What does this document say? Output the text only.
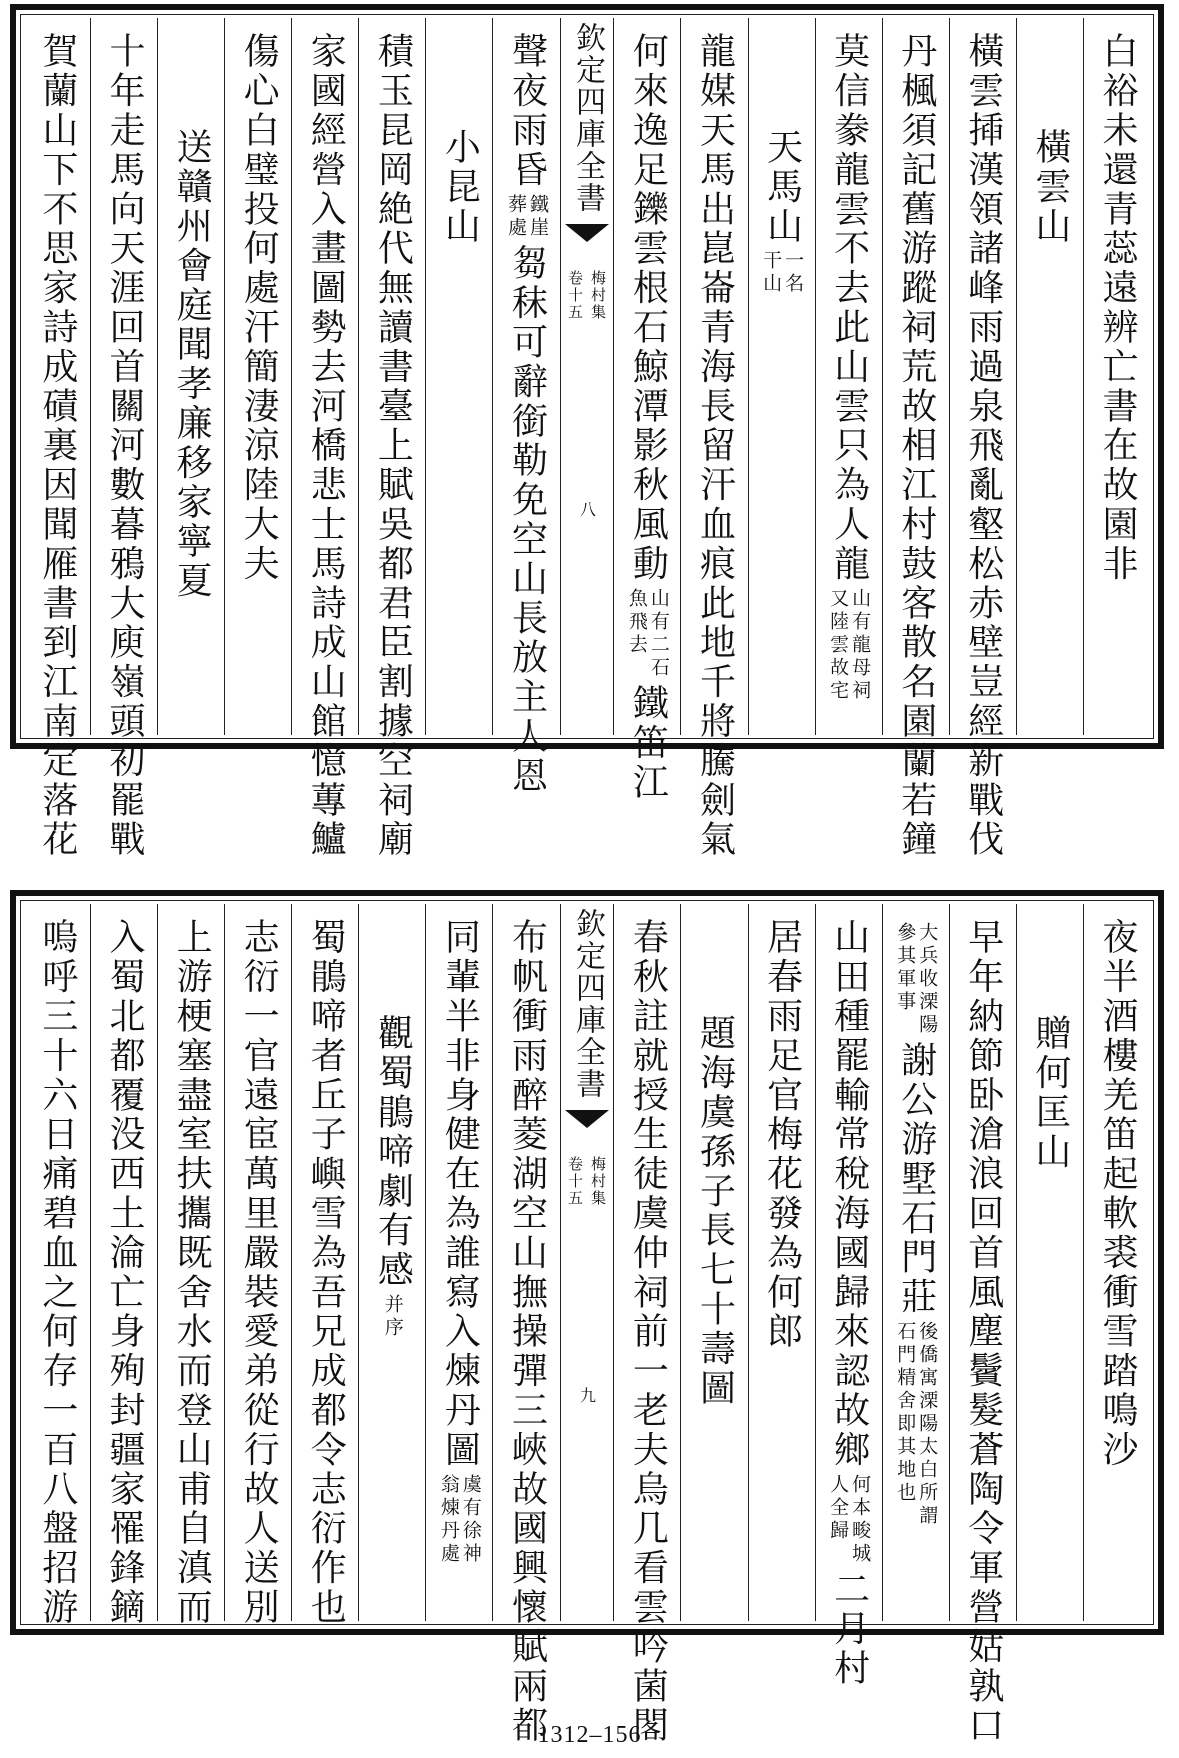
白裕未還青蕊遠辨亡書在故園非
橫雲山
橫雲揷漢領諸峰雨過泉飛亂壑松赤壁豈經新戰伐
丹楓須記舊游蹤祠荒故相江村鼓客散名園蘭若鐘
莫信豢龍雲不去此山雲只為人龍
山有龍母祠
又陸雲故宅
天馬山
一名
干山
龍媒天馬出崑崙青海長留汗血痕此地千將騰劍氣
何來逸足鑠雲根石鯨潭影秋風動
山有二石
魚飛去
鐵笛江
欽定四庫全書
梅村集
卷十五
八
聲夜雨昏
鐵崖
葬處
芻秣可辭銜勒免空山長放主人恩
小昆山
積玉昆岡絶代無讀書臺上賦吳都君臣割據空祠廟
家國經營入畫圖勢去河橋悲士馬詩成山館憶蓴鱸
傷心白璧投何處汗簡淒涼陸大夫
送贛州會庭聞孝廉移家寧夏
十年走馬向天涯回首關河數暮鴉大庾嶺頭初罷戰
賀蘭山下不思家詩成磧裏因聞雁書到江南定落花
夜半酒樓羌笛起軟裘衝雪踏鳴沙
贈何匡山
早年納節卧滄浪回首風塵鬢髮蒼陶令軍營姑孰口
大兵收溧陽
參其軍事
謝公游墅石門莊
後僑寓溧陽太白所謂
石門精舍即其地也
山田種罷輸常稅海國歸來認故鄉
何本畯城
人全歸
二月村
居春雨足官梅花發為何郎
題海虞孫子長七十壽圖
春秋註就授生徒虞仲祠前一老夫烏几看雲吟菌閣
欽定四庫全書
梅村集
卷十五
九
布帆衝雨醉菱湖空山撫操彈三峽故國興懷賦兩都
同輩半非身健在為誰寫入煉丹圖
虞有徐神
翁煉丹處
觀蜀鵑啼劇有感
并序
蜀鵑啼者丘子嶼雪為吾兄成都令志衍作也
志衍一官遠宦萬里嚴裝愛弟從行故人送別
上游梗塞盡室扶攜既舍水而登山甫自滇而
入蜀北都覆没西土淪亡身殉封疆家罹鋒鏑
嗚呼三十六日痛碧血之何存一百八盤招游
1312–156
